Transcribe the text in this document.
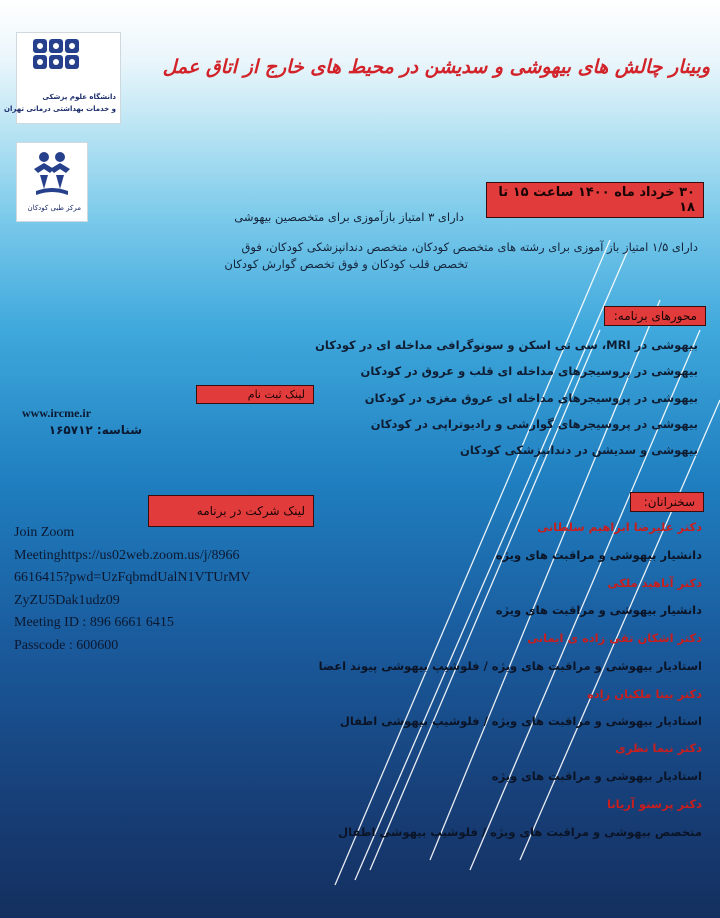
دانشگاه علوم پزشکی
و خدمات بهداشتی درمانی تهران
مرکز طبی کودکان
وبینار چالش های بیهوشی و سدیشن در محیط های خارج از اتاق عمل
۳۰ خرداد ماه ۱۴۰۰ ساعت ۱۵ تا ۱۸
دارای ۳ امتیاز بازآموزی برای متخصصین بیهوشی
دارای ۱/۵ امتیاز باز آموزی برای رشته های متخصص کودکان، متخصص دندانپزشکی کودکان، فوق
تخصص قلب کودکان و فوق تخصص گوارش کودکان
محورهای برنامه:
بیهوشی در MRI، سی تی اسکن و سونوگرافی مداخله ای در کودکان
بیهوشی در پروسیجرهای مداخله ای قلب و عروق در کودکان
بیهوشی در پروسیجرهای مداخله ای عروق مغزی در کودکان
بیهوشی در پروسیجرهای گوارشی و رادیوتراپی در کودکان
بیهوشی و سدیشن در دندانپزشکی کودکان
لینک ثبت نام
www.ircme.ir
شناسه: ۱۶۵۷۱۲
لینک شرکت در برنامه
Join Zoom
Meetinghttps://us02web.zoom.us/j/8966
6616415?pwd=UzFqbmdUalN1VTUrMV
ZyZU5Dak1udz09
Meeting ID : 896 6661 6415
Passcode : 600600
سخنرانان:
دکتر علیرضا ابراهیم سلطانی
دانشیار بیهوشی و مراقبت های ویژه
دکتر آناهید ملکی
دانشیار بیهوشی و مراقبت های ویژه
دکتر اشکان تقی زاده ی ایمانی
استادیار بیهوشی و مراقبت های ویژه / فلوشیپ بیهوشی پیوند اعضا
دکتر بیتا ملکیان زاده
استادیار بیهوشی و مراقبت های ویژه / فلوشیپ بیهوشی اطفال
دکتر نیما نظری
استادیار بیهوشی و مراقبت های ویژه
دکتر پرستو آریانا
متخصص بیهوشی و مراقبت های ویژه / فلوشیپ بیهوشی اطفال
